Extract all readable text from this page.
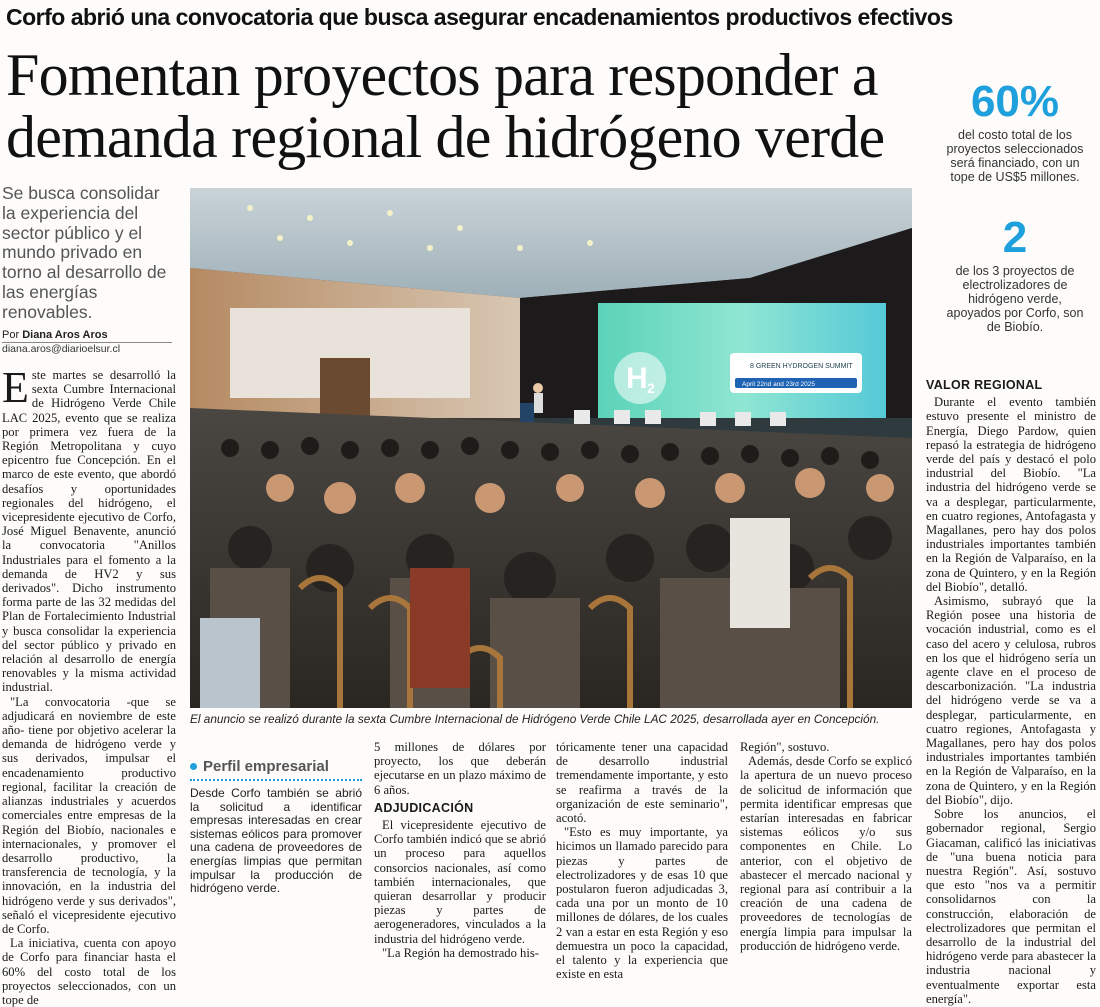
Corfo abrió una convocatoria que busca asegurar encadenamientos productivos efectivos
Fomentan proyectos para responder a demanda regional de hidrógeno verde
60%
del costo total de los proyectos seleccionados será financiado, con un tope de US$5 millones.
2
de los 3 proyectos de electrolizadores de hidrógeno verde, apoyados por Corfo, son de Biobío.
Se busca consolidar la experiencia del sector público y el mundo privado en torno al desarrollo de las energías renovables.
Por Diana Aros Aros
diana.aros@diarioelsur.cl
H 2
8 GREEN HYDROGEN SUMMIT
April 22nd and 23rd 2025
El anuncio se realizó durante la sexta Cumbre Internacional de Hidrógeno Verde Chile LAC 2025, desarrollada ayer en Concepción.

Este martes se desarrolló la sexta Cumbre Internacional de Hidrógeno Verde Chile LAC 2025, evento que se realiza por primera vez fuera de la Región Metropolitana y cuyo epicentro fue Concepción. En el marco de este evento, que abordó desafíos y oportunidades regionales del hidrógeno, el vicepresidente ejecutivo de Corfo, José Miguel Benavente, anunció la convocatoria "Anillos Industriales para el fomento a la demanda de HV2 y sus derivados". Dicho instrumento forma parte de las 32 medidas del Plan de Fortalecimiento Industrial y busca consolidar la experiencia del sector público y privado en relación al desarrollo de energía renovables y la misma actividad industrial.

"La convocatoria -que se adjudicará en noviembre de este año- tiene por objetivo acelerar la demanda de hidrógeno verde y sus derivados, impulsar el encadenamiento productivo regional, facilitar la creación de alianzas industriales y acuerdos comerciales entre empresas de la Región del Biobío, nacionales e internacionales, y promover el desarrollo productivo, la transferencia de tecnología, y la innovación, en la industria del hidrógeno verde y sus derivados", señaló el vicepresidente ejecutivo de Corfo.

La iniciativa, cuenta con apoyo de Corfo para financiar hasta el 60% del costo total de los proyectos seleccionados, con un tope de

Perfil empresarial
Desde Corfo también se abrió la solicitud a identificar empresas interesadas en crear sistemas eólicos para promover una cadena de proveedores de energías limpias que permitan impulsar la producción de hidrógeno verde.

5 millones de dólares por proyecto, los que deberán ejecutarse en un plazo máximo de 6 años.

ADJUDICACIÓN

El vicepresidente ejecutivo de Corfo también indicó que se abrió un proceso para aquellos consorcios nacionales, así como también internacionales, que quieran desarrollar y producir piezas y partes de aerogeneradores, vinculados a la industria del hidrógeno verde.

"La Región ha demostrado his-

tóricamente tener una capacidad de desarrollo industrial tremendamente importante, y esto se reafirma a través de la organización de este seminario", acotó.

"Esto es muy importante, ya hicimos un llamado parecido para piezas y partes de electrolizadores y de esas 10 que postularon fueron adjudicadas 3, cada una por un monto de 10 millones de dólares, de los cuales 2 van a estar en esta Región y eso demuestra un poco la capacidad, el talento y la experiencia que existe en esta

Región", sostuvo.

Además, desde Corfo se explicó la apertura de un nuevo proceso de solicitud de información que permita identificar empresas que estarían interesadas en fabricar sistemas eólicos y/o sus componentes en Chile. Lo anterior, con el objetivo de abastecer el mercado nacional y regional para así contribuir a la creación de una cadena de proveedores de tecnologías de energía limpia para impulsar la producción de hidrógeno verde.

VALOR REGIONAL

Durante el evento también estuvo presente el ministro de Energía, Diego Pardow, quien repasó la estrategia de hidrógeno verde del país y destacó el polo industrial del Biobío. "La industria del hidrógeno verde se va a desplegar, particularmente, en cuatro regiones, Antofagasta y Magallanes, pero hay dos polos industriales importantes también en la Región de Valparaíso, en la zona de Quintero, y en la Región del Biobío", detalló.

Asimismo, subrayó que la Región posee una historia de vocación industrial, como es el caso del acero y celulosa, rubros en los que el hidrógeno sería un agente clave en el proceso de descarbonización. "La industria del hidrógeno verde se va a desplegar, particularmente, en cuatro regiones, Antofagasta y Magallanes, pero hay dos polos industriales importantes también en la Región de Valparaíso, en la zona de Quintero, y en la Región del Biobío", dijo.

Sobre los anuncios, el gobernador regional, Sergio Giacaman, calificó las iniciativas de "una buena noticia para nuestra Región". Así, sostuvo que esto "nos va a permitir consolidarnos con la construcción, elaboración de electrolizadores que permitan el desarrollo de la industrial del hidrógeno verde para abastecer la industria nacional y eventualmente exportar esta energía".
